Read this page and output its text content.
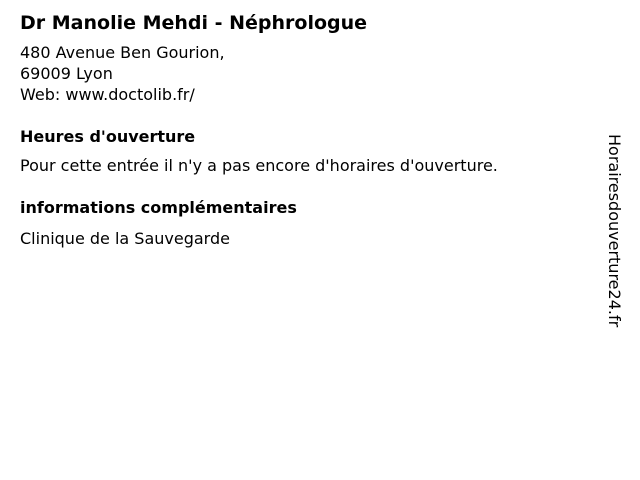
Dr Manolie Mehdi - Néphrologue
480 Avenue Ben Gourion,
69009 Lyon
Web: www.doctolib.fr/
Heures d'ouverture
Pour cette entrée il n'y a pas encore d'horaires d'ouverture.
informations complémentaires
Clinique de la Sauvegarde	Horairesdouverture24.fr
